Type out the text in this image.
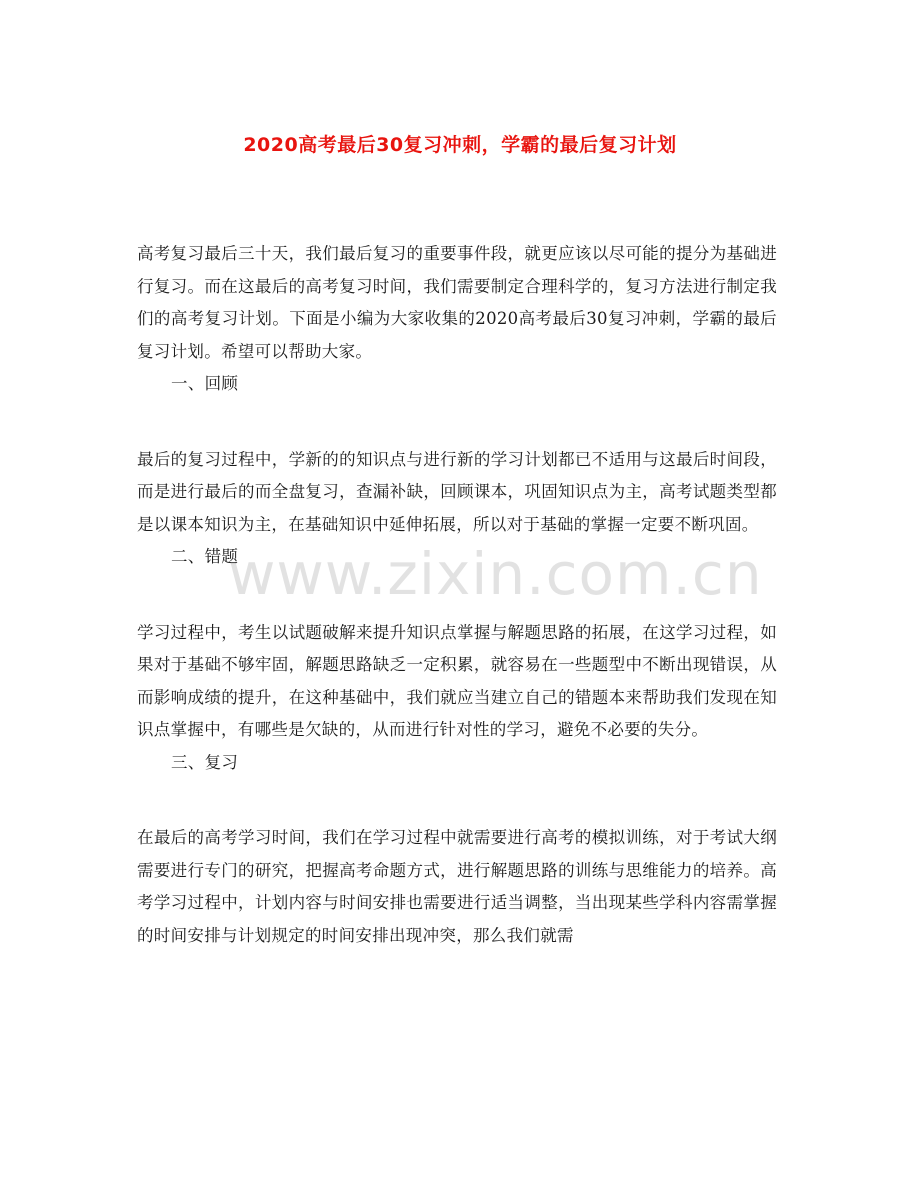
2020高考最后30复习冲刺，学霸的最后复习计划

高考复习最后三十天，我们最后复习的重要事件段，就更应该以尽可能的提分为基础进行复习。而在这最后的高考复习时间，我们需要制定合理科学的，复习方法进行制定我们的高考复习计划。下面是小编为大家收集的2020高考最后30复习冲刺，学霸的最后复习计划。希望可以帮助大家。

一、回顾

最后的复习过程中，学新的的知识点与进行新的学习计划都已不适用与这最后时间段，而是进行最后的而全盘复习，查漏补缺，回顾课本，巩固知识点为主，高考试题类型都是以课本知识为主，在基础知识中延伸拓展，所以对于基础的掌握一定要不断巩固。

二、错题

学习过程中，考生以试题破解来提升知识点掌握与解题思路的拓展，在这学习过程，如果对于基础不够牢固，解题思路缺乏一定积累，就容易在一些题型中不断出现错误，从而影响成绩的提升，在这种基础中，我们就应当建立自己的错题本来帮助我们发现在知识点掌握中，有哪些是欠缺的，从而进行针对性的学习，避免不必要的失分。

三、复习

在最后的高考学习时间，我们在学习过程中就需要进行高考的模拟训练，对于考试大纲需要进行专门的研究，把握高考命题方式，进行解题思路的训练与思维能力的培养。高考学习过程中，计划内容与时间安排也需要进行适当调整，当出现某些学科内容需掌握的时间安排与计划规定的时间安排出现冲突，那么我们就需

www.zixin.com.cn
